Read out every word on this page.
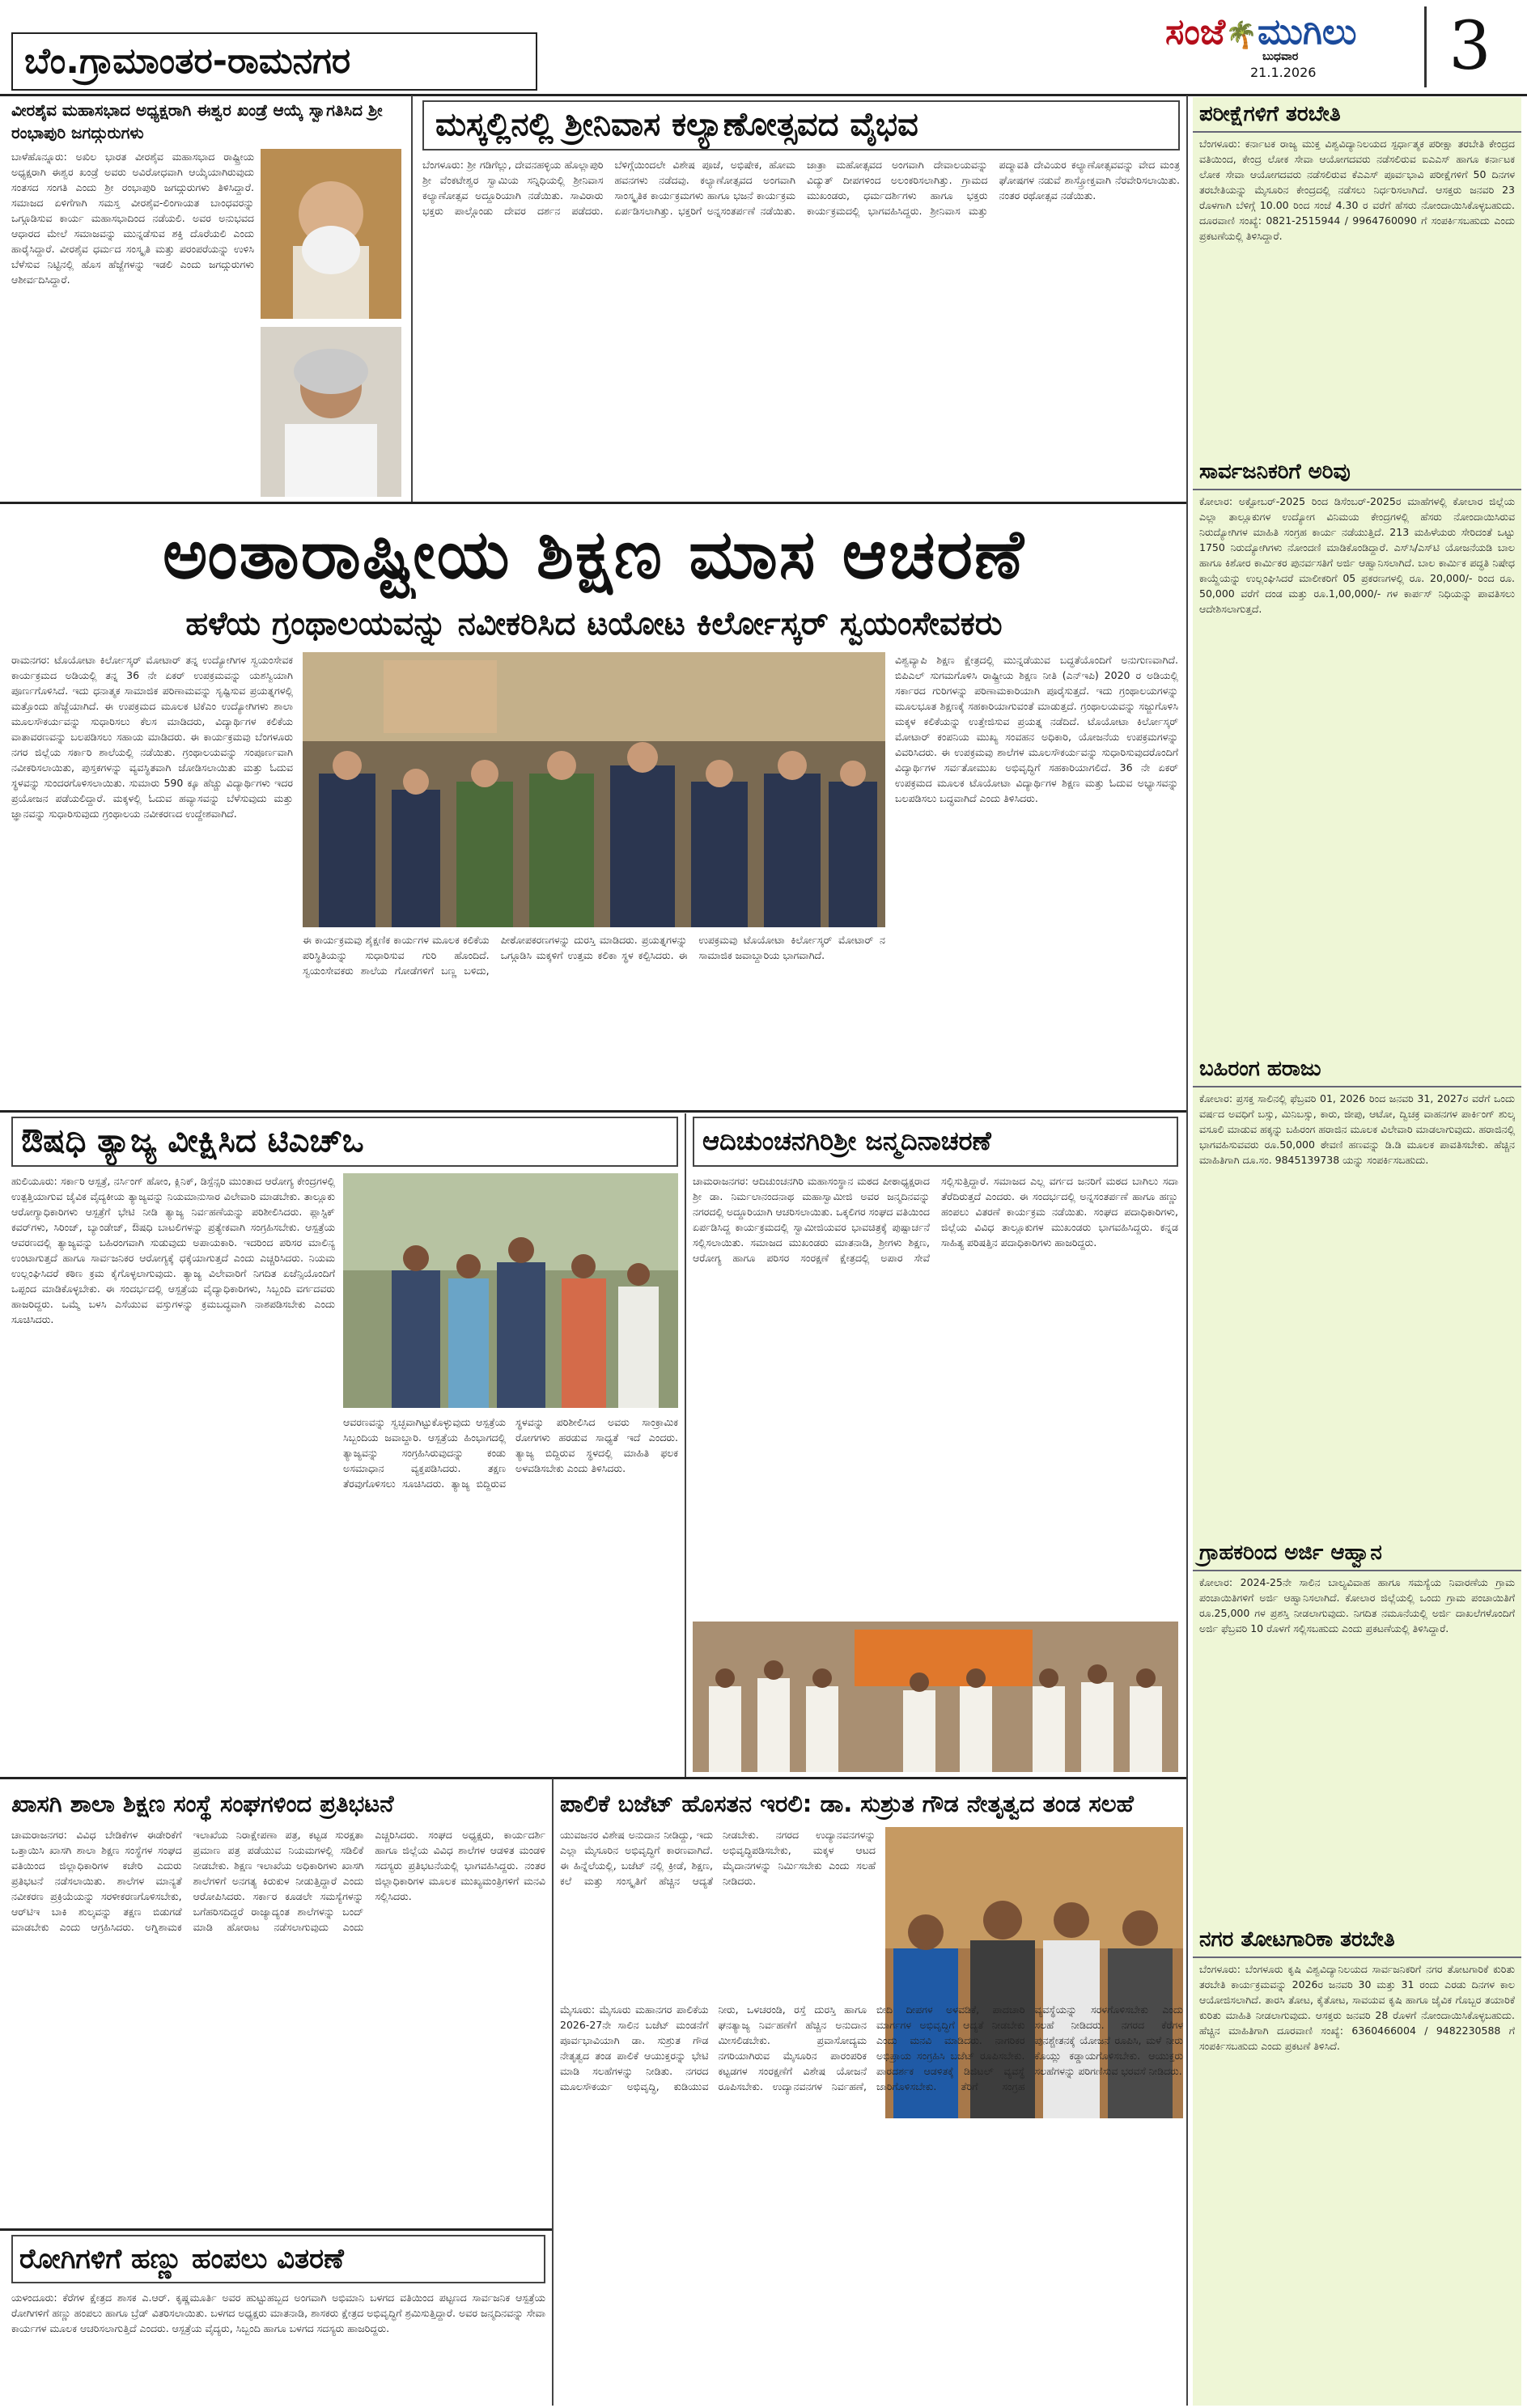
ಬೆಂ.ಗ್ರಾಮಾಂತರ-ರಾಮನಗರ
ಸಂಜೆ🌴ಮುಗಿಲು
ಬುಧವಾರ
21.1.2026	3
ವೀರಶೈವ ಮಹಾಸಭಾದ ಅಧ್ಯಕ್ಷರಾಗಿ ಈಶ್ವರ ಖಂಡ್ರೆ ಆಯ್ಕೆ ಸ್ವಾಗತಿಸಿದ ಶ್ರೀ ರಂಭಾಪುರಿ ಜಗದ್ಗುರುಗಳು
ಬಾಳೆಹೊನ್ನೂರು: ಅಖಿಲ ಭಾರತ ವೀರಶೈವ ಮಹಾಸಭಾದ ರಾಷ್ಟ್ರೀಯ ಅಧ್ಯಕ್ಷರಾಗಿ ಈಶ್ವರ ಖಂಡ್ರೆ ಅವರು ಅವಿರೋಧವಾಗಿ ಆಯ್ಕೆಯಾಗಿರುವುದು ಸಂತಸದ ಸಂಗತಿ ಎಂದು ಶ್ರೀ ರಂಭಾಪುರಿ ಜಗದ್ಗುರುಗಳು ತಿಳಿಸಿದ್ದಾರೆ. ಸಮಾಜದ ಏಳಿಗೆಗಾಗಿ ಸಮಸ್ತ ವೀರಶೈವ-ಲಿಂಗಾಯತ ಬಾಂಧವರನ್ನು ಒಗ್ಗೂಡಿಸುವ ಕಾರ್ಯ ಮಹಾಸಭಾದಿಂದ ನಡೆಯಲಿ. ಅವರ ಅನುಭವದ ಆಧಾರದ ಮೇಲೆ ಸಮಾಜವನ್ನು ಮುನ್ನಡೆಸುವ ಶಕ್ತಿ ದೊರೆಯಲಿ ಎಂದು ಹಾರೈಸಿದ್ದಾರೆ. ವೀರಶೈವ ಧರ್ಮದ ಸಂಸ್ಕೃತಿ ಮತ್ತು ಪರಂಪರೆಯನ್ನು ಉಳಿಸಿ ಬೆಳೆಸುವ ನಿಟ್ಟಿನಲ್ಲಿ ಹೊಸ ಹೆಜ್ಜೆಗಳನ್ನು ಇಡಲಿ ಎಂದು ಜಗದ್ಗುರುಗಳು ಆಶೀರ್ವದಿಸಿದ್ದಾರೆ.
ಮಸ್ಕಲ್ಲಿನಲ್ಲಿ ಶ್ರೀನಿವಾಸ ಕಲ್ಯಾಣೋತ್ಸವದ ವೈಭವ
ಬೆಂಗಳೂರು: ಶ್ರೀ ಗಡಿಗೆಲ್ಲು, ದೇವನಹಳ್ಳಿಯ ಹೊಲ್ಲಾಪುರಿ ಶ್ರೀ ವೆಂಕಟೇಶ್ವರ ಸ್ವಾಮಿಯ ಸನ್ನಿಧಿಯಲ್ಲಿ ಶ್ರೀನಿವಾಸ ಕಲ್ಯಾಣೋತ್ಸವ ಅದ್ದೂರಿಯಾಗಿ ನಡೆಯಿತು. ಸಾವಿರಾರು ಭಕ್ತರು ಪಾಲ್ಗೊಂಡು ದೇವರ ದರ್ಶನ ಪಡೆದರು. ಬೆಳಿಗ್ಗೆಯಿಂದಲೇ ವಿಶೇಷ ಪೂಜೆ, ಅಭಿಷೇಕ, ಹೋಮ ಹವನಗಳು ನಡೆದವು. ಕಲ್ಯಾಣೋತ್ಸವದ ಅಂಗವಾಗಿ ಸಾಂಸ್ಕೃತಿಕ ಕಾರ್ಯಕ್ರಮಗಳು ಹಾಗೂ ಭಜನೆ ಕಾರ್ಯಕ್ರಮ ಏರ್ಪಡಿಸಲಾಗಿತ್ತು. ಭಕ್ತರಿಗೆ ಅನ್ನಸಂತರ್ಪಣೆ ನಡೆಯಿತು. ಜಾತ್ರಾ ಮಹೋತ್ಸವದ ಅಂಗವಾಗಿ ದೇವಾಲಯವನ್ನು ವಿದ್ಯುತ್ ದೀಪಗಳಿಂದ ಅಲಂಕರಿಸಲಾಗಿತ್ತು. ಗ್ರಾಮದ ಮುಖಂಡರು, ಧರ್ಮದರ್ಶಿಗಳು ಹಾಗೂ ಭಕ್ತರು ಕಾರ್ಯಕ್ರಮದಲ್ಲಿ ಭಾಗವಹಿಸಿದ್ದರು. ಶ್ರೀನಿವಾಸ ಮತ್ತು ಪದ್ಮಾವತಿ ದೇವಿಯರ ಕಲ್ಯಾಣೋತ್ಸವವನ್ನು ವೇದ ಮಂತ್ರ ಘೋಷಗಳ ನಡುವೆ ಶಾಸ್ತ್ರೋಕ್ತವಾಗಿ ನೆರವೇರಿಸಲಾಯಿತು. ನಂತರ ರಥೋತ್ಸವ ನಡೆಯಿತು.
ಅಂತಾರಾಷ್ಟ್ರೀಯ ಶಿಕ್ಷಣ ಮಾಸ ಆಚರಣೆ
ಹಳೆಯ ಗ್ರಂಥಾಲಯವನ್ನು ನವೀಕರಿಸಿದ ಟಯೋಟ ಕಿರ್ಲೋಸ್ಕರ್ ಸ್ವಯಂಸೇವಕರು
ರಾಮನಗರ: ಟೊಯೋಟಾ ಕಿರ್ಲೋಸ್ಕರ್ ಮೋಟಾರ್ ತನ್ನ ಉದ್ಯೋಗಿಗಳ ಸ್ವಯಂಸೇವಕ ಕಾರ್ಯಕ್ರಮದ ಅಡಿಯಲ್ಲಿ ತನ್ನ 36 ನೇ ಏಕರ್ ಉಪಕ್ರಮವನ್ನು ಯಶಸ್ವಿಯಾಗಿ ಪೂರ್ಣಗೊಳಿಸಿದೆ. ಇದು ಧನಾತ್ಮಕ ಸಾಮಾಜಿಕ ಪರಿಣಾಮವನ್ನು ಸೃಷ್ಟಿಸುವ ಪ್ರಯತ್ನಗಳಲ್ಲಿ ಮತ್ತೊಂದು ಹೆಜ್ಜೆಯಾಗಿದೆ. ಈ ಉಪಕ್ರಮದ ಮೂಲಕ ಟಿಕೆಎಂ ಉದ್ಯೋಗಿಗಳು ಶಾಲಾ ಮೂಲಸೌಕರ್ಯವನ್ನು ಸುಧಾರಿಸಲು ಕೆಲಸ ಮಾಡಿದರು, ವಿದ್ಯಾರ್ಥಿಗಳ ಕಲಿಕೆಯ ವಾತಾವರಣವನ್ನು ಬಲಪಡಿಸಲು ಸಹಾಯ ಮಾಡಿದರು. ಈ ಕಾರ್ಯಕ್ರಮವು ಬೆಂಗಳೂರು ನಗರ ಜಿಲ್ಲೆಯ ಸರ್ಕಾರಿ ಶಾಲೆಯಲ್ಲಿ ನಡೆಯಿತು. ಗ್ರಂಥಾಲಯವನ್ನು ಸಂಪೂರ್ಣವಾಗಿ ನವೀಕರಿಸಲಾಯಿತು, ಪುಸ್ತಕಗಳನ್ನು ವ್ಯವಸ್ಥಿತವಾಗಿ ಜೋಡಿಸಲಾಯಿತು ಮತ್ತು ಓದುವ ಸ್ಥಳವನ್ನು ಸುಂದರಗೊಳಿಸಲಾಯಿತು. ಸುಮಾರು 590 ಕ್ಕೂ ಹೆಚ್ಚು ವಿದ್ಯಾರ್ಥಿಗಳು ಇದರ ಪ್ರಯೋಜನ ಪಡೆಯಲಿದ್ದಾರೆ. ಮಕ್ಕಳಲ್ಲಿ ಓದುವ ಹವ್ಯಾಸವನ್ನು ಬೆಳೆಸುವುದು ಮತ್ತು ಜ್ಞಾನವನ್ನು ಸುಧಾರಿಸುವುದು ಗ್ರಂಥಾಲಯ ನವೀಕರಣದ ಉದ್ದೇಶವಾಗಿದೆ.
ಈ ಕಾರ್ಯಕ್ರಮವು ಶೈಕ್ಷಣಿಕ ಕಾರ್ಯಗಳ ಮೂಲಕ ಕಲಿಕೆಯ ಪರಿಸ್ಥಿತಿಯನ್ನು ಸುಧಾರಿಸುವ ಗುರಿ ಹೊಂದಿದೆ. ಸ್ವಯಂಸೇವಕರು ಶಾಲೆಯ ಗೋಡೆಗಳಿಗೆ ಬಣ್ಣ ಬಳಿದು, ಪೀಠೋಪಕರಣಗಳನ್ನು ದುರಸ್ತಿ ಮಾಡಿದರು. ಪ್ರಯತ್ನಗಳನ್ನು ಒಗ್ಗೂಡಿಸಿ ಮಕ್ಕಳಿಗೆ ಉತ್ತಮ ಕಲಿಕಾ ಸ್ಥಳ ಕಲ್ಪಿಸಿದರು. ಈ ಉಪಕ್ರಮವು ಟೊಯೋಟಾ ಕಿರ್ಲೋಸ್ಕರ್ ಮೋಟಾರ್ ನ ಸಾಮಾಜಿಕ ಜವಾಬ್ದಾರಿಯ ಭಾಗವಾಗಿದೆ.
ವಿಶ್ವವ್ಯಾಪಿ ಶಿಕ್ಷಣ ಕ್ಷೇತ್ರದಲ್ಲಿ ಮುನ್ನಡೆಯುವ ಬದ್ಧತೆಯೊಂದಿಗೆ ಅನುಗುಣವಾಗಿದೆ. ಬಿಪಿಎಲ್ ಸುಗಮಗೊಳಿಸಿ ರಾಷ್ಟ್ರೀಯ ಶಿಕ್ಷಣ ನೀತಿ (ಎನ್‌ಇಪಿ) 2020 ರ ಅಡಿಯಲ್ಲಿ ಸರ್ಕಾರದ ಗುರಿಗಳನ್ನು ಪರಿಣಾಮಕಾರಿಯಾಗಿ ಪೂರೈಸುತ್ತದೆ. ಇದು ಗ್ರಂಥಾಲಯಗಳನ್ನು ಮೂಲಭೂತ ಶಿಕ್ಷಣಕ್ಕೆ ಸಹಕಾರಿಯಾಗುವಂತೆ ಮಾಡುತ್ತದೆ. ಗ್ರಂಥಾಲಯವನ್ನು ಸಜ್ಜುಗೊಳಿಸಿ ಮಕ್ಕಳ ಕಲಿಕೆಯನ್ನು ಉತ್ತೇಜಿಸುವ ಪ್ರಯತ್ನ ನಡೆದಿದೆ. ಟೊಯೋಟಾ ಕಿರ್ಲೋಸ್ಕರ್ ಮೋಟಾರ್ ಕಂಪನಿಯ ಮುಖ್ಯ ಸಂವಹನ ಅಧಿಕಾರಿ, ಯೋಜನೆಯ ಉಪಕ್ರಮಗಳನ್ನು ವಿವರಿಸಿದರು. ಈ ಉಪಕ್ರಮವು ಶಾಲೆಗಳ ಮೂಲಸೌಕರ್ಯವನ್ನು ಸುಧಾರಿಸುವುದರೊಂದಿಗೆ ವಿದ್ಯಾರ್ಥಿಗಳ ಸರ್ವತೋಮುಖ ಅಭಿವೃದ್ಧಿಗೆ ಸಹಕಾರಿಯಾಗಲಿದೆ. 36 ನೇ ಏಕರ್ ಉಪಕ್ರಮದ ಮೂಲಕ ಟೊಯೋಟಾ ವಿದ್ಯಾರ್ಥಿಗಳ ಶಿಕ್ಷಣ ಮತ್ತು ಓದುವ ಅಭ್ಯಾಸವನ್ನು ಬಲಪಡಿಸಲು ಬದ್ಧವಾಗಿದೆ ಎಂದು ತಿಳಿಸಿದರು.
ಔಷಧಿ ತ್ಯಾಜ್ಯ ವೀಕ್ಷಿಸಿದ ಟಿಎಚ್ಒ
ಹುಲಿಯೂರು: ಸರ್ಕಾರಿ ಆಸ್ಪತ್ರೆ, ನರ್ಸಿಂಗ್ ಹೋಂ, ಕ್ಲಿನಿಕ್, ಡಿಸ್ಪೆನ್ಸರಿ ಮುಂತಾದ ಆರೋಗ್ಯ ಕೇಂದ್ರಗಳಲ್ಲಿ ಉತ್ಪತ್ತಿಯಾಗುವ ಜೈವಿಕ ವೈದ್ಯಕೀಯ ತ್ಯಾಜ್ಯವನ್ನು ನಿಯಮಾನುಸಾರ ವಿಲೇವಾರಿ ಮಾಡಬೇಕು. ತಾಲ್ಲೂಕು ಆರೋಗ್ಯಾಧಿಕಾರಿಗಳು ಆಸ್ಪತ್ರೆಗೆ ಭೇಟಿ ನೀಡಿ ತ್ಯಾಜ್ಯ ನಿರ್ವಹಣೆಯನ್ನು ಪರಿಶೀಲಿಸಿದರು. ಪ್ಲಾಸ್ಟಿಕ್ ಕವರ್‌ಗಳು, ಸಿರಿಂಜ್, ಬ್ಯಾಂಡೇಜ್, ಔಷಧಿ ಬಾಟಲಿಗಳನ್ನು ಪ್ರತ್ಯೇಕವಾಗಿ ಸಂಗ್ರಹಿಸಬೇಕು. ಆಸ್ಪತ್ರೆಯ ಆವರಣದಲ್ಲಿ ತ್ಯಾಜ್ಯವನ್ನು ಬಹಿರಂಗವಾಗಿ ಸುಡುವುದು ಅಪಾಯಕಾರಿ. ಇದರಿಂದ ಪರಿಸರ ಮಾಲಿನ್ಯ ಉಂಟಾಗುತ್ತದೆ ಹಾಗೂ ಸಾರ್ವಜನಿಕರ ಆರೋಗ್ಯಕ್ಕೆ ಧಕ್ಕೆಯಾಗುತ್ತದೆ ಎಂದು ಎಚ್ಚರಿಸಿದರು. ನಿಯಮ ಉಲ್ಲಂಘಿಸಿದರೆ ಕಠಿಣ ಕ್ರಮ ಕೈಗೊಳ್ಳಲಾಗುವುದು. ತ್ಯಾಜ್ಯ ವಿಲೇವಾರಿಗೆ ನಿಗದಿತ ಏಜೆನ್ಸಿಯೊಂದಿಗೆ ಒಪ್ಪಂದ ಮಾಡಿಕೊಳ್ಳಬೇಕು. ಈ ಸಂದರ್ಭದಲ್ಲಿ ಆಸ್ಪತ್ರೆಯ ವೈದ್ಯಾಧಿಕಾರಿಗಳು, ಸಿಬ್ಬಂದಿ ವರ್ಗದವರು ಹಾಜರಿದ್ದರು. ಒಮ್ಮೆ ಬಳಸಿ ಎಸೆಯುವ ವಸ್ತುಗಳನ್ನು ಕ್ರಮಬದ್ಧವಾಗಿ ನಾಶಪಡಿಸಬೇಕು ಎಂದು ಸೂಚಿಸಿದರು.
ಆವರಣವನ್ನು ಸ್ವಚ್ಛವಾಗಿಟ್ಟುಕೊಳ್ಳುವುದು ಆಸ್ಪತ್ರೆಯ ಸಿಬ್ಬಂದಿಯ ಜವಾಬ್ದಾರಿ. ಆಸ್ಪತ್ರೆಯ ಹಿಂಭಾಗದಲ್ಲಿ ತ್ಯಾಜ್ಯವನ್ನು ಸಂಗ್ರಹಿಸಿರುವುದನ್ನು ಕಂಡು ಅಸಮಾಧಾನ ವ್ಯಕ್ತಪಡಿಸಿದರು. ತಕ್ಷಣ ತೆರವುಗೊಳಿಸಲು ಸೂಚಿಸಿದರು. ತ್ಯಾಜ್ಯ ಬಿದ್ದಿರುವ ಸ್ಥಳವನ್ನು ಪರಿಶೀಲಿಸಿದ ಅವರು ಸಾಂಕ್ರಾಮಿಕ ರೋಗಗಳು ಹರಡುವ ಸಾಧ್ಯತೆ ಇದೆ ಎಂದರು. ತ್ಯಾಜ್ಯ ಬಿದ್ದಿರುವ ಸ್ಥಳದಲ್ಲಿ ಮಾಹಿತಿ ಫಲಕ ಅಳವಡಿಸಬೇಕು ಎಂದು ತಿಳಿಸಿದರು.
ಆದಿಚುಂಚನಗಿರಿಶ್ರೀ ಜನ್ಮದಿನಾಚರಣೆ
ಚಾಮರಾಜನಗರ: ಆದಿಚುಂಚನಗಿರಿ ಮಹಾಸಂಸ್ಥಾನ ಮಠದ ಪೀಠಾಧ್ಯಕ್ಷರಾದ ಶ್ರೀ ಡಾ. ನಿರ್ಮಲಾನಂದನಾಥ ಮಹಾಸ್ವಾಮೀಜಿ ಅವರ ಜನ್ಮದಿನವನ್ನು ನಗರದಲ್ಲಿ ಅದ್ದೂರಿಯಾಗಿ ಆಚರಿಸಲಾಯಿತು. ಒಕ್ಕಲಿಗರ ಸಂಘದ ವತಿಯಿಂದ ಏರ್ಪಡಿಸಿದ್ದ ಕಾರ್ಯಕ್ರಮದಲ್ಲಿ ಸ್ವಾಮೀಜಿಯವರ ಭಾವಚಿತ್ರಕ್ಕೆ ಪುಷ್ಪಾರ್ಚನೆ ಸಲ್ಲಿಸಲಾಯಿತು. ಸಮಾಜದ ಮುಖಂಡರು ಮಾತನಾಡಿ, ಶ್ರೀಗಳು ಶಿಕ್ಷಣ, ಆರೋಗ್ಯ ಹಾಗೂ ಪರಿಸರ ಸಂರಕ್ಷಣೆ ಕ್ಷೇತ್ರದಲ್ಲಿ ಅಪಾರ ಸೇವೆ ಸಲ್ಲಿಸುತ್ತಿದ್ದಾರೆ. ಸಮಾಜದ ಎಲ್ಲ ವರ್ಗದ ಜನರಿಗೆ ಮಠದ ಬಾಗಿಲು ಸದಾ ತೆರೆದಿರುತ್ತದೆ ಎಂದರು. ಈ ಸಂದರ್ಭದಲ್ಲಿ ಅನ್ನಸಂತರ್ಪಣೆ ಹಾಗೂ ಹಣ್ಣು ಹಂಪಲು ವಿತರಣೆ ಕಾರ್ಯಕ್ರಮ ನಡೆಯಿತು. ಸಂಘದ ಪದಾಧಿಕಾರಿಗಳು, ಜಿಲ್ಲೆಯ ವಿವಿಧ ತಾಲ್ಲೂಕುಗಳ ಮುಖಂಡರು ಭಾಗವಹಿಸಿದ್ದರು. ಕನ್ನಡ ಸಾಹಿತ್ಯ ಪರಿಷತ್ತಿನ ಪದಾಧಿಕಾರಿಗಳು ಹಾಜರಿದ್ದರು.
ಖಾಸಗಿ ಶಾಲಾ ಶಿಕ್ಷಣ ಸಂಸ್ಥೆ ಸಂಘಗಳಿಂದ ಪ್ರತಿಭಟನೆ
ಚಾಮರಾಜನಗರ: ವಿವಿಧ ಬೇಡಿಕೆಗಳ ಈಡೇರಿಕೆಗೆ ಒತ್ತಾಯಿಸಿ ಖಾಸಗಿ ಶಾಲಾ ಶಿಕ್ಷಣ ಸಂಸ್ಥೆಗಳ ಸಂಘದ ವತಿಯಿಂದ ಜಿಲ್ಲಾಧಿಕಾರಿಗಳ ಕಚೇರಿ ಎದುರು ಪ್ರತಿಭಟನೆ ನಡೆಸಲಾಯಿತು. ಶಾಲೆಗಳ ಮಾನ್ಯತೆ ನವೀಕರಣ ಪ್ರಕ್ರಿಯೆಯನ್ನು ಸರಳೀಕರಣಗೊಳಿಸಬೇಕು, ಆರ್‌ಟಿಇ ಬಾಕಿ ಶುಲ್ಕವನ್ನು ತಕ್ಷಣ ಬಿಡುಗಡೆ ಮಾಡಬೇಕು ಎಂದು ಆಗ್ರಹಿಸಿದರು. ಅಗ್ನಿಶಾಮಕ ಇಲಾಖೆಯ ನಿರಾಕ್ಷೇಪಣಾ ಪತ್ರ, ಕಟ್ಟಡ ಸುರಕ್ಷತಾ ಪ್ರಮಾಣ ಪತ್ರ ಪಡೆಯುವ ನಿಯಮಗಳಲ್ಲಿ ಸಡಿಲಿಕೆ ನೀಡಬೇಕು. ಶಿಕ್ಷಣ ಇಲಾಖೆಯ ಅಧಿಕಾರಿಗಳು ಖಾಸಗಿ ಶಾಲೆಗಳಿಗೆ ಅನಗತ್ಯ ಕಿರುಕುಳ ನೀಡುತ್ತಿದ್ದಾರೆ ಎಂದು ಆರೋಪಿಸಿದರು. ಸರ್ಕಾರ ಕೂಡಲೇ ಸಮಸ್ಯೆಗಳನ್ನು ಬಗೆಹರಿಸದಿದ್ದರೆ ರಾಜ್ಯಾದ್ಯಂತ ಶಾಲೆಗಳನ್ನು ಬಂದ್ ಮಾಡಿ ಹೋರಾಟ ನಡೆಸಲಾಗುವುದು ಎಂದು ಎಚ್ಚರಿಸಿದರು. ಸಂಘದ ಅಧ್ಯಕ್ಷರು, ಕಾರ್ಯದರ್ಶಿ ಹಾಗೂ ಜಿಲ್ಲೆಯ ವಿವಿಧ ಶಾಲೆಗಳ ಆಡಳಿತ ಮಂಡಳಿ ಸದಸ್ಯರು ಪ್ರತಿಭಟನೆಯಲ್ಲಿ ಭಾಗವಹಿಸಿದ್ದರು. ನಂತರ ಜಿಲ್ಲಾಧಿಕಾರಿಗಳ ಮೂಲಕ ಮುಖ್ಯಮಂತ್ರಿಗಳಿಗೆ ಮನವಿ ಸಲ್ಲಿಸಿದರು.
ಪಾಲಿಕೆ ಬಜೆಟ್ ಹೊಸತನ ಇರಲಿ: ಡಾ. ಸುಶ್ರುತ ಗೌಡ ನೇತೃತ್ವದ ತಂಡ ಸಲಹೆ
ಯುವಜನರ ವಿಶೇಷ ಅನುದಾನ ನೀಡಿದ್ದು, ಇದು ಎಲ್ಲಾ ಮೈಸೂರಿನ ಅಭಿವೃದ್ಧಿಗೆ ಕಾರಣವಾಗಿದೆ. ಈ ಹಿನ್ನೆಲೆಯಲ್ಲಿ, ಬಜೆಟ್ ನಲ್ಲಿ ಕ್ರೀಡೆ, ಶಿಕ್ಷಣ, ಕಲೆ ಮತ್ತು ಸಂಸ್ಕೃತಿಗೆ ಹೆಚ್ಚಿನ ಆದ್ಯತೆ ನೀಡಬೇಕು. ನಗರದ ಉದ್ಯಾನವನಗಳನ್ನು ಅಭಿವೃದ್ಧಿಪಡಿಸಬೇಕು, ಮಕ್ಕಳ ಆಟದ ಮೈದಾನಗಳನ್ನು ನಿರ್ಮಿಸಬೇಕು ಎಂದು ಸಲಹೆ ನೀಡಿದರು.
ಮೈಸೂರು: ಮೈಸೂರು ಮಹಾನಗರ ಪಾಲಿಕೆಯ 2026-27ನೇ ಸಾಲಿನ ಬಜೆಟ್ ಮಂಡನೆಗೆ ಪೂರ್ವಭಾವಿಯಾಗಿ ಡಾ. ಸುಶ್ರುತ ಗೌಡ ನೇತೃತ್ವದ ತಂಡ ಪಾಲಿಕೆ ಆಯುಕ್ತರನ್ನು ಭೇಟಿ ಮಾಡಿ ಸಲಹೆಗಳನ್ನು ನೀಡಿತು. ನಗರದ ಮೂಲಸೌಕರ್ಯ ಅಭಿವೃದ್ಧಿ, ಕುಡಿಯುವ ನೀರು, ಒಳಚರಂಡಿ, ರಸ್ತೆ ದುರಸ್ತಿ ಹಾಗೂ ಘನತ್ಯಾಜ್ಯ ನಿರ್ವಹಣೆಗೆ ಹೆಚ್ಚಿನ ಅನುದಾನ ಮೀಸಲಿಡಬೇಕು. ಪ್ರವಾಸೋದ್ಯಮ ನಗರಿಯಾಗಿರುವ ಮೈಸೂರಿನ ಪಾರಂಪರಿಕ ಕಟ್ಟಡಗಳ ಸಂರಕ್ಷಣೆಗೆ ವಿಶೇಷ ಯೋಜನೆ ರೂಪಿಸಬೇಕು. ಉದ್ಯಾನವನಗಳ ನಿರ್ವಹಣೆ, ಬೀದಿ ದೀಪಗಳ ಅಳವಡಿಕೆ, ಪಾದಚಾರಿ ಮಾರ್ಗಗಳ ಅಭಿವೃದ್ಧಿಗೆ ಆದ್ಯತೆ ನೀಡಬೇಕು ಎಂದು ಮನವಿ ಮಾಡಿದರು. ನಾಗರಿಕರ ಅಭಿಪ್ರಾಯ ಸಂಗ್ರಹಿಸಿ ಬಜೆಟ್ ರೂಪಿಸಬೇಕು. ಪಾರದರ್ಶಕ ಆಡಳಿತಕ್ಕೆ ಡಿಜಿಟಲ್ ವ್ಯವಸ್ಥೆ ಜಾರಿಗೊಳಿಸಬೇಕು. ತೆರಿಗೆ ಸಂಗ್ರಹ ವ್ಯವಸ್ಥೆಯನ್ನು ಸರಳಗೊಳಿಸಬೇಕು ಎಂದು ಸಲಹೆ ನೀಡಿದರು. ನಗರದ ಕೆರೆಗಳ ಪುನಶ್ಚೇತನಕ್ಕೆ ಯೋಜನೆ ರೂಪಿಸಿ, ಮಳೆ ನೀರು ಕೊಯ್ಲು ಕಡ್ಡಾಯಗೊಳಿಸಬೇಕು. ಆಯುಕ್ತರು ಸಲಹೆಗಳನ್ನು ಪರಿಗಣಿಸುವ ಭರವಸೆ ನೀಡಿದರು.
ರೋಗಿಗಳಿಗೆ ಹಣ್ಣು ಹಂಪಲು ವಿತರಣೆ
ಯಳಂದೂರು: ಕೆರೆಗಳ ಕ್ಷೇತ್ರದ ಶಾಸಕ ಎ.ಆರ್. ಕೃಷ್ಣಮೂರ್ತಿ ಅವರ ಹುಟ್ಟುಹಬ್ಬದ ಅಂಗವಾಗಿ ಅಭಿಮಾನಿ ಬಳಗದ ವತಿಯಿಂದ ಪಟ್ಟಣದ ಸಾರ್ವಜನಿಕ ಆಸ್ಪತ್ರೆಯ ರೋಗಿಗಳಿಗೆ ಹಣ್ಣು ಹಂಪಲು ಹಾಗೂ ಬ್ರೆಡ್ ವಿತರಿಸಲಾಯಿತು. ಬಳಗದ ಅಧ್ಯಕ್ಷರು ಮಾತನಾಡಿ, ಶಾಸಕರು ಕ್ಷೇತ್ರದ ಅಭಿವೃದ್ಧಿಗೆ ಶ್ರಮಿಸುತ್ತಿದ್ದಾರೆ. ಅವರ ಜನ್ಮದಿನವನ್ನು ಸೇವಾ ಕಾರ್ಯಗಳ ಮೂಲಕ ಆಚರಿಸಲಾಗುತ್ತಿದೆ ಎಂದರು. ಆಸ್ಪತ್ರೆಯ ವೈದ್ಯರು, ಸಿಬ್ಬಂದಿ ಹಾಗೂ ಬಳಗದ ಸದಸ್ಯರು ಹಾಜರಿದ್ದರು.
ಪರೀಕ್ಷೆಗಳಿಗೆ ತರಬೇತಿ
ಬೆಂಗಳೂರು: ಕರ್ನಾಟಕ ರಾಜ್ಯ ಮುಕ್ತ ವಿಶ್ವವಿದ್ಯಾನಿಲಯದ ಸ್ಪರ್ಧಾತ್ಮಕ ಪರೀಕ್ಷಾ ತರಬೇತಿ ಕೇಂದ್ರದ ವತಿಯಿಂದ, ಕೇಂದ್ರ ಲೋಕ ಸೇವಾ ಆಯೋಗದವರು ನಡೆಸಲಿರುವ ಐಎಎಸ್ ಹಾಗೂ ಕರ್ನಾಟಕ ಲೋಕ ಸೇವಾ ಆಯೋಗದವರು ನಡೆಸಲಿರುವ ಕೆಎಎಸ್ ಪೂರ್ವಭಾವಿ ಪರೀಕ್ಷೆಗಳಿಗೆ 50 ದಿನಗಳ ತರಬೇತಿಯನ್ನು ಮೈಸೂರಿನ ಕೇಂದ್ರದಲ್ಲಿ ನಡೆಸಲು ನಿರ್ಧರಿಸಲಾಗಿದೆ. ಆಸಕ್ತರು ಜನವರಿ 23 ರೊಳಗಾಗಿ ಬೆಳಿಗ್ಗೆ 10.00 ರಿಂದ ಸಂಜೆ 4.30 ರ ವರೆಗೆ ಹೆಸರು ನೋಂದಾಯಿಸಿಕೊಳ್ಳಬಹುದು. ದೂರವಾಣಿ ಸಂಖ್ಯೆ: 0821-2515944 / 9964760090 ಗೆ ಸಂಪರ್ಕಿಸಬಹುದು ಎಂದು ಪ್ರಕಟಣೆಯಲ್ಲಿ ತಿಳಿಸಿದ್ದಾರೆ.
ಸಾರ್ವಜನಿಕರಿಗೆ ಅರಿವು
ಕೋಲಾರ: ಅಕ್ಟೋಬರ್-2025 ರಿಂದ ಡಿಸೆಂಬರ್-2025ರ ಮಾಹೆಗಳಲ್ಲಿ ಕೋಲಾರ ಜಿಲ್ಲೆಯ ಎಲ್ಲಾ ತಾಲ್ಲೂಕುಗಳ ಉದ್ಯೋಗ ವಿನಿಮಯ ಕೇಂದ್ರಗಳಲ್ಲಿ ಹೆಸರು ನೋಂದಾಯಿಸಿರುವ ನಿರುದ್ಯೋಗಿಗಳ ಮಾಹಿತಿ ಸಂಗ್ರಹ ಕಾರ್ಯ ನಡೆಯುತ್ತಿದೆ. 213 ಮಹಿಳೆಯರು ಸೇರಿದಂತೆ ಒಟ್ಟು 1750 ನಿರುದ್ಯೋಗಿಗಳು ನೋಂದಣಿ ಮಾಡಿಕೊಂಡಿದ್ದಾರೆ. ಎಸ್‌ಸಿ/ಎಸ್‌ಟಿ ಯೋಜನೆಯಡಿ ಬಾಲ ಹಾಗೂ ಕಿಶೋರ ಕಾರ್ಮಿಕರ ಪುನರ್ವಸತಿಗೆ ಅರ್ಜಿ ಆಹ್ವಾನಿಸಲಾಗಿದೆ. ಬಾಲ ಕಾರ್ಮಿಕ ಪದ್ಧತಿ ನಿಷೇಧ ಕಾಯ್ದೆಯನ್ನು ಉಲ್ಲಂಘಿಸಿದರೆ ಮಾಲೀಕರಿಗೆ 05 ಪ್ರಕರಣಗಳಲ್ಲಿ ರೂ. 20,000/- ರಿಂದ ರೂ. 50,000 ವರೆಗೆ ದಂಡ ಮತ್ತು ರೂ.1,00,000/- ಗಳ ಕಾರ್ಪಸ್ ನಿಧಿಯನ್ನು ಪಾವತಿಸಲು ಆದೇಶಿಸಲಾಗುತ್ತದೆ.
ಬಹಿರಂಗ ಹರಾಜು
ಕೋಲಾರ: ಪ್ರಸಕ್ತ ಸಾಲಿನಲ್ಲಿ ಫೆಬ್ರವರಿ 01, 2026 ರಿಂದ ಜನವರಿ 31, 2027ರ ವರೆಗೆ ಒಂದು ವರ್ಷದ ಅವಧಿಗೆ ಬಸ್ಸು, ಮಿನಿಬಸ್ಸು, ಕಾರು, ಜೀಪು, ಆಟೋ, ದ್ವಿಚಕ್ರ ವಾಹನಗಳ ಪಾರ್ಕಿಂಗ್ ಶುಲ್ಕ ವಸೂಲಿ ಮಾಡುವ ಹಕ್ಕನ್ನು ಬಹಿರಂಗ ಹರಾಜಿನ ಮೂಲಕ ವಿಲೇವಾರಿ ಮಾಡಲಾಗುವುದು. ಹರಾಜಿನಲ್ಲಿ ಭಾಗವಹಿಸುವವರು ರೂ.50,000 ಠೇವಣಿ ಹಣವನ್ನು ಡಿ.ಡಿ ಮೂಲಕ ಪಾವತಿಸಬೇಕು. ಹೆಚ್ಚಿನ ಮಾಹಿತಿಗಾಗಿ ದೂ.ಸಂ. 9845139738 ಯನ್ನು ಸಂಪರ್ಕಿಸಬಹುದು.
ಗ್ರಾಹಕರಿಂದ ಅರ್ಜಿ ಆಹ್ವಾನ
ಕೋಲಾರ: 2024-25ನೇ ಸಾಲಿನ ಬಾಲ್ಯವಿವಾಹ ಹಾಗೂ ಸಮಸ್ಯೆಯ ನಿವಾರಣೆಯ ಗ್ರಾಮ ಪಂಚಾಯಿತಿಗಳಿಗೆ ಅರ್ಜಿ ಆಹ್ವಾನಿಸಲಾಗಿದೆ. ಕೋಲಾರ ಜಿಲ್ಲೆಯಲ್ಲಿ ಒಂದು ಗ್ರಾಮ ಪಂಚಾಯಿತಿಗೆ ರೂ.25,000 ಗಳ ಪ್ರಶಸ್ತಿ ನೀಡಲಾಗುವುದು. ನಿಗದಿತ ನಮೂನೆಯಲ್ಲಿ ಅರ್ಜಿ ದಾಖಲೆಗಳೊಂದಿಗೆ ಅರ್ಜಿ ಫೆಬ್ರವರಿ 10 ರೊಳಗೆ ಸಲ್ಲಿಸಬಹುದು ಎಂದು ಪ್ರಕಟಣೆಯಲ್ಲಿ ತಿಳಿಸಿದ್ದಾರೆ.
ನಗರ ತೋಟಗಾರಿಕಾ ತರಬೇತಿ
ಬೆಂಗಳೂರು: ಬೆಂಗಳೂರು ಕೃಷಿ ವಿಶ್ವವಿದ್ಯಾನಿಲಯದ ಸಾರ್ವಜನಿಕರಿಗೆ ನಗರ ತೋಟಗಾರಿಕೆ ಕುರಿತು ತರಬೇತಿ ಕಾರ್ಯಕ್ರಮವನ್ನು 2026ರ ಜನವರಿ 30 ಮತ್ತು 31 ರಂದು ಎರಡು ದಿನಗಳ ಕಾಲ ಆಯೋಜಿಸಲಾಗಿದೆ. ತಾರಸಿ ತೋಟ, ಕೈತೋಟ, ಸಾವಯವ ಕೃಷಿ ಹಾಗೂ ಜೈವಿಕ ಗೊಬ್ಬರ ತಯಾರಿಕೆ ಕುರಿತು ಮಾಹಿತಿ ನೀಡಲಾಗುವುದು. ಆಸಕ್ತರು ಜನವರಿ 28 ರೊಳಗೆ ನೋಂದಾಯಿಸಿಕೊಳ್ಳಬಹುದು. ಹೆಚ್ಚಿನ ಮಾಹಿತಿಗಾಗಿ ದೂರವಾಣಿ ಸಂಖ್ಯೆ: 6360466004 / 9482230588 ಗೆ ಸಂಪರ್ಕಿಸಬಹುದು ಎಂದು ಪ್ರಕಟಣೆ ತಿಳಿಸಿದೆ.
